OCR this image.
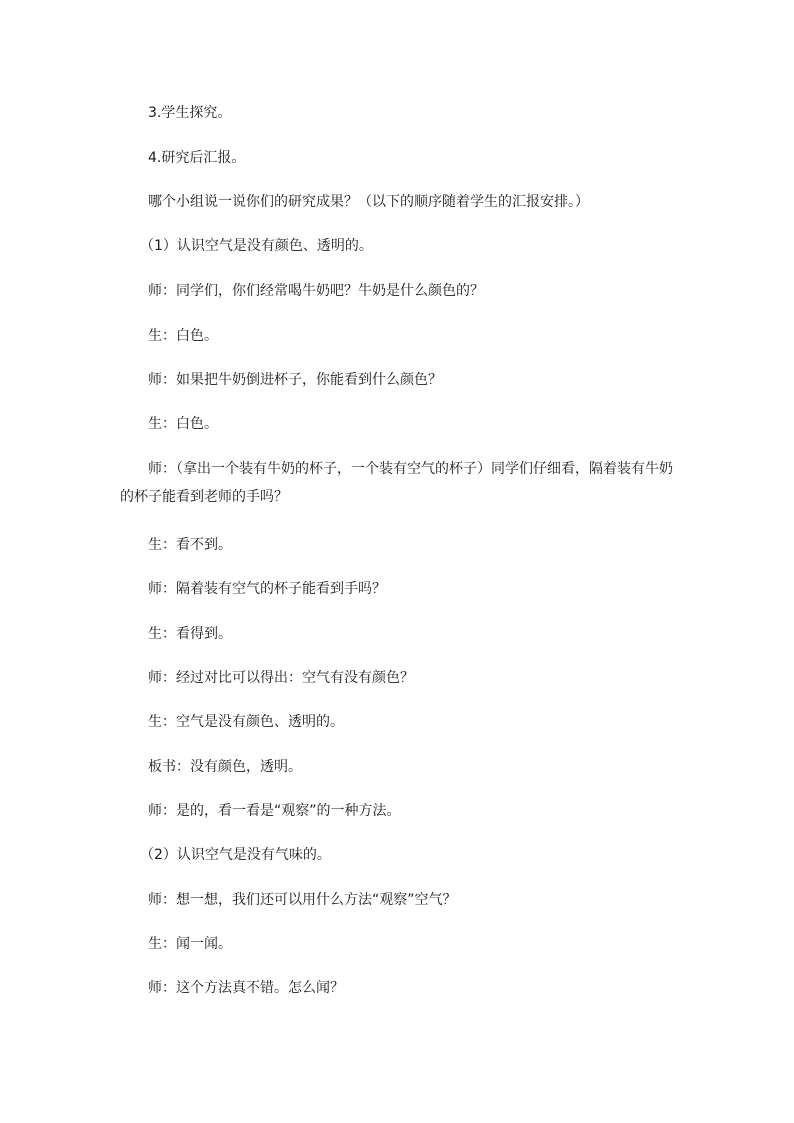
3.学生探究。
4.研究后汇报。
哪个小组说一说你们的研究成果？（以下的顺序随着学生的汇报安排。）
（1）认识空气是没有颜色、透明的。
师：同学们，你们经常喝牛奶吧？牛奶是什么颜色的？
生：白色。
师：如果把牛奶倒进杯子，你能看到什么颜色？
生：白色。
师：（拿出一个装有牛奶的杯子，一个装有空气的杯子）同学们仔细看，隔着装有牛奶的杯子能看到老师的手吗？
生：看不到。
师：隔着装有空气的杯子能看到手吗？
生：看得到。
师：经过对比可以得出：空气有没有颜色？
生：空气是没有颜色、透明的。
板书：没有颜色，透明。
师：是的，看一看是“观察”的一种方法。
（2）认识空气是没有气味的。
师：想一想，我们还可以用什么方法“观察”空气？
生：闻一闻。
师：这个方法真不错。怎么闻？
